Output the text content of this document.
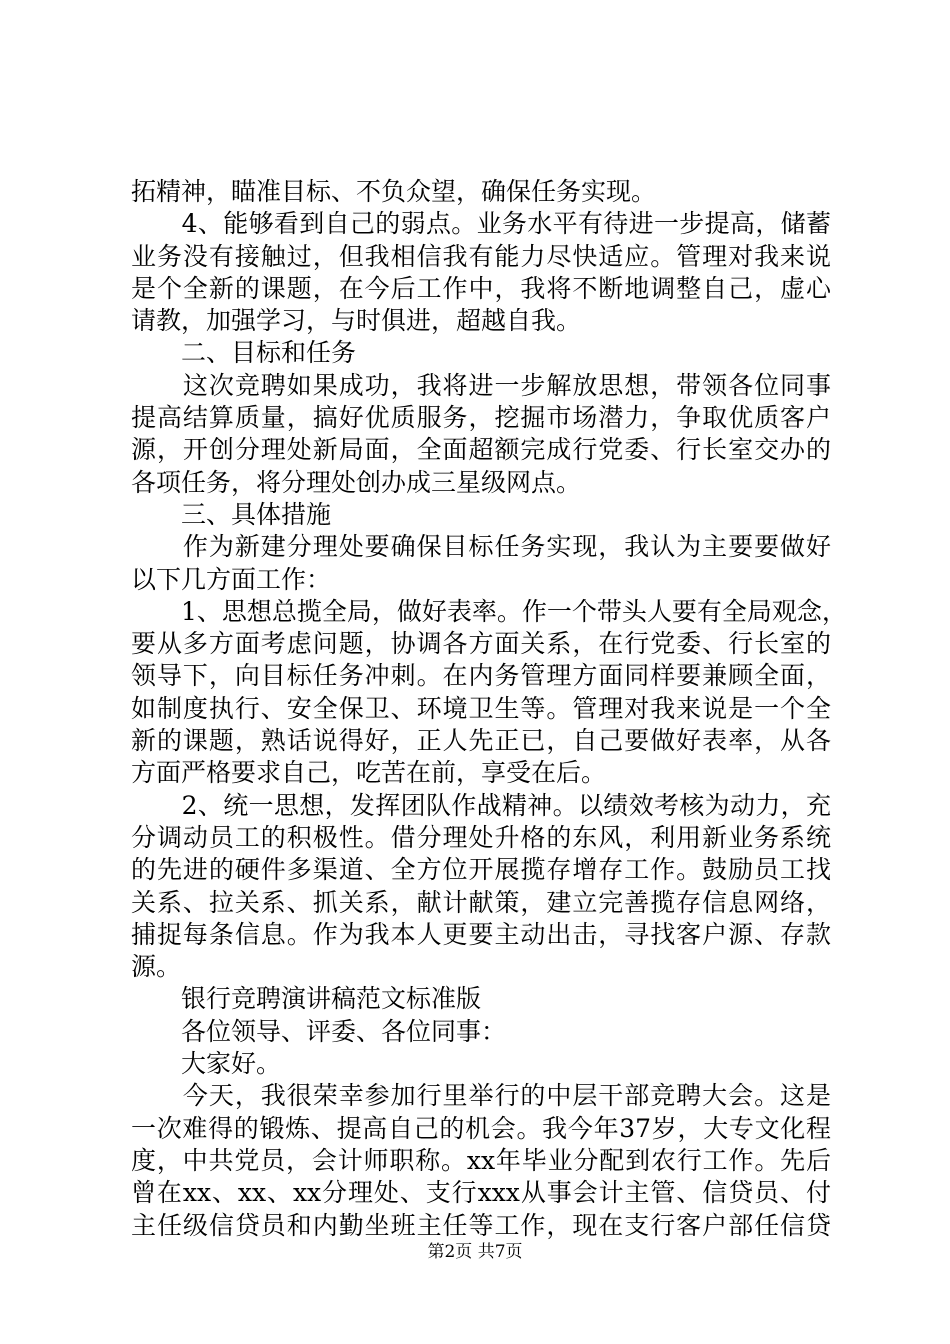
拓精神，瞄准目标、不负众望，确保任务实现。
　　4、能够看到自己的弱点。业务水平有待进一步提高，储蓄
业务没有接触过，但我相信我有能力尽快适应。管理对我来说
是个全新的课题，在今后工作中，我将不断地调整自己，虚心
请教，加强学习，与时俱进，超越自我。
　　二、目标和任务
　　这次竞聘如果成功，我将进一步解放思想，带领各位同事
提高结算质量，搞好优质服务，挖掘市场潜力，争取优质客户
源，开创分理处新局面，全面超额完成行党委、行长室交办的
各项任务，将分理处创办成三星级网点。
　　三、具体措施
　　作为新建分理处要确保目标任务实现，我认为主要要做好
以下几方面工作：
　　1、思想总揽全局，做好表率。作一个带头人要有全局观念，
要从多方面考虑问题，协调各方面关系，在行党委、行长室的
领导下，向目标任务冲刺。在内务管理方面同样要兼顾全面，
如制度执行、安全保卫、环境卫生等。管理对我来说是一个全
新的课题，熟话说得好，正人先正已，自己要做好表率，从各
方面严格要求自己，吃苦在前，享受在后。
　　2、统一思想，发挥团队作战精神。以绩效考核为动力，充
分调动员工的积极性。借分理处升格的东风，利用新业务系统
的先进的硬件多渠道、全方位开展揽存增存工作。鼓励员工找
关系、拉关系、抓关系，献计献策，建立完善揽存信息网络，
捕捉每条信息。作为我本人更要主动出击，寻找客户源、存款
源。
　　银行竞聘演讲稿范文标准版
　　各位领导、评委、各位同事：
　　大家好。
　　今天，我很荣幸参加行里举行的中层干部竞聘大会。这是
一次难得的锻炼、提高自己的机会。我今年37岁，大专文化程
度，中共党员，会计师职称。xx年毕业分配到农行工作。先后
曾在xx、xx、xx分理处、支行xxx从事会计主管、信贷员、付
主任级信贷员和内勤坐班主任等工作，现在支行客户部任信贷
第2页 共7页
